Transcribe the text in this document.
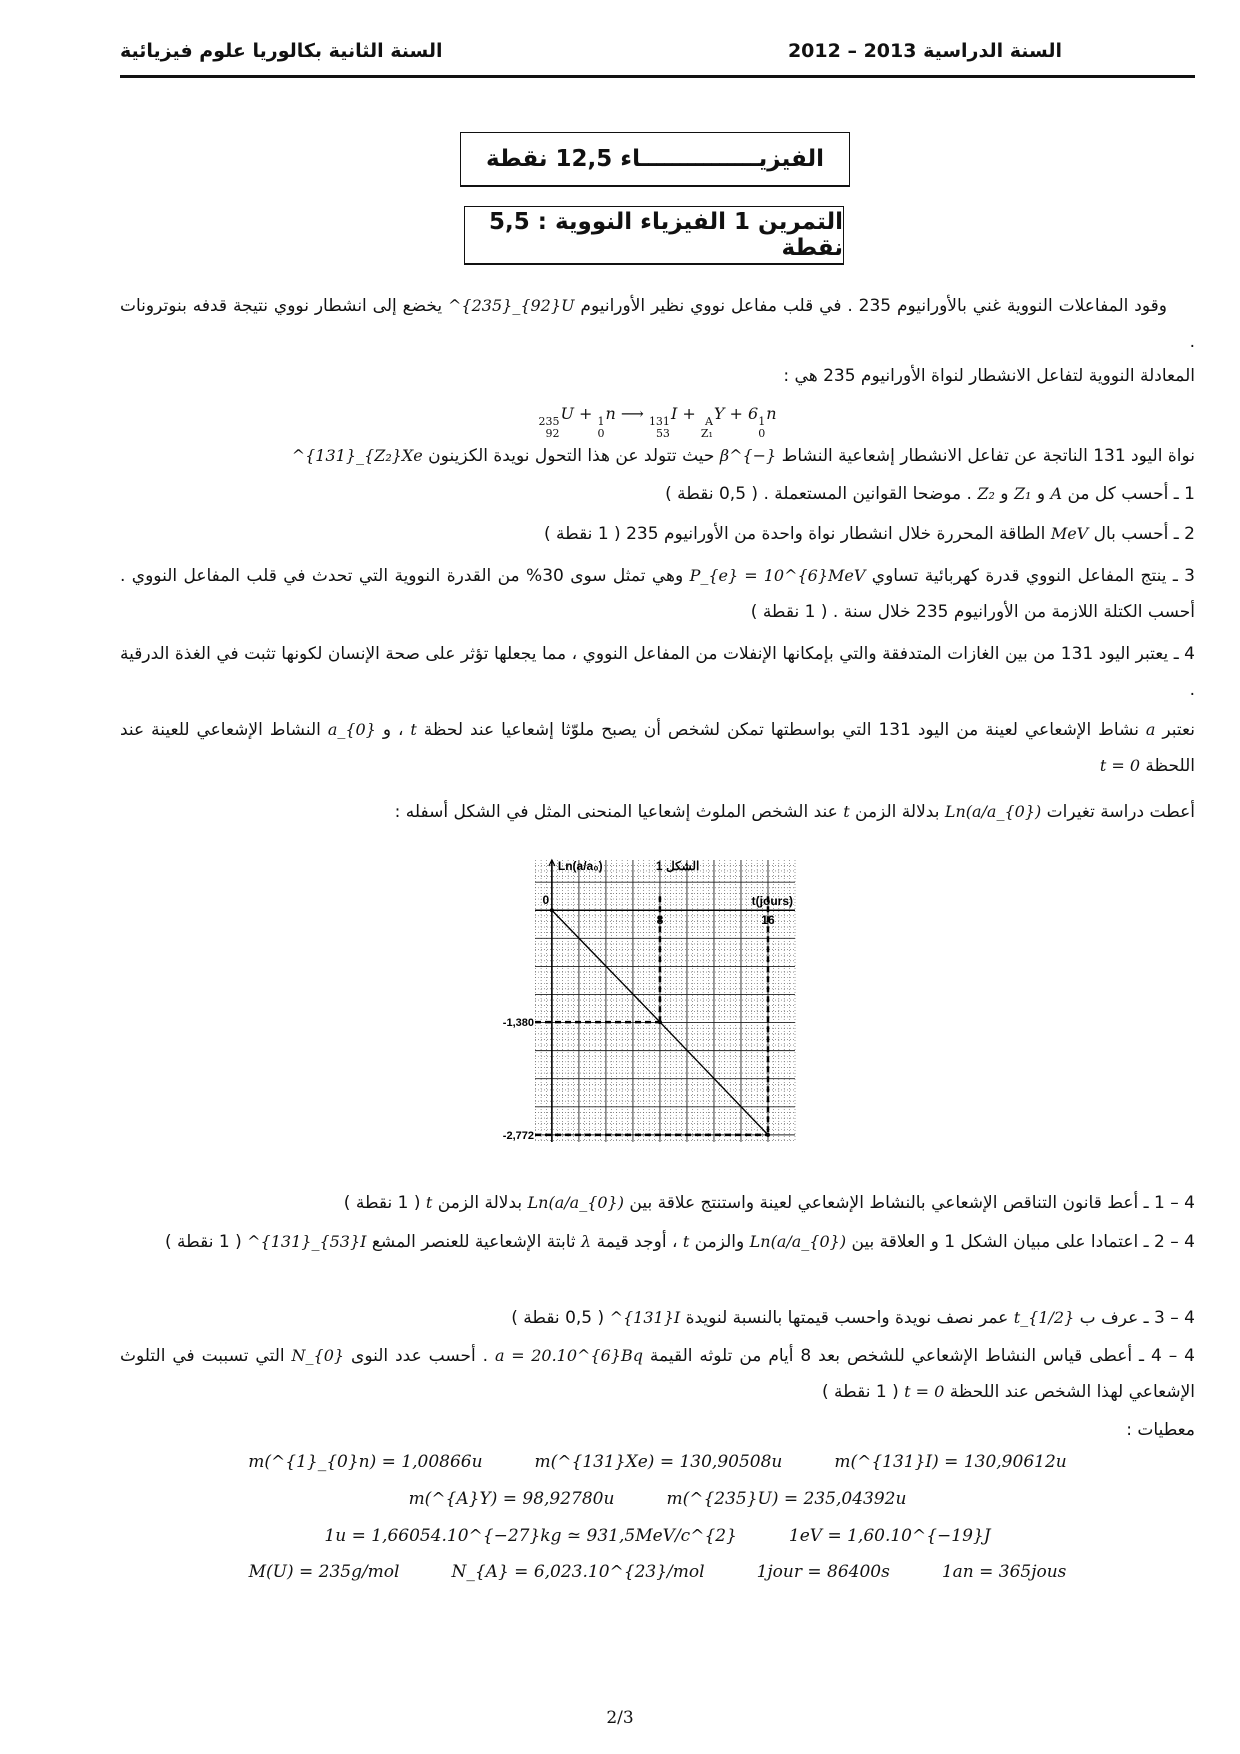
السنة الدراسية 2013 – 2012
السنة الثانية بكالوريا علوم فيزيائية
الفيزيـــــــــــــــاء 12,5 نقطة
التمرين 1 الفيزياء النووية : 5,5 نقطة
وقود المفاعلات النووية غني بالأورانيوم 235 . في قلب مفاعل نووي نظير الأورانيوم ^{235}_{92}U يخضع إلى انشطار نووي نتيجة قدفه بنوترونات .
المعادلة النووية لتفاعل الانشطار لنواة الأورانيوم 235 هي :
235
92
U + 1
0
n ⟶ 131
53
I + A
Z₁
Y + 6 1
0
n
نواة اليود 131 الناتجة عن تفاعل الانشطار إشعاعية النشاط β^{−} حيث تتولد عن هذا التحول نويدة الكزينون ^{131}_{Z₂}Xe
1 ـ أحسب كل من A و Z₁ و Z₂ . موضحا القوانين المستعملة . ( 0,5 نقطة )
2 ـ أحسب بال MeV الطاقة المحررة خلال انشطار نواة واحدة من الأورانيوم 235 ( 1 نقطة )
3 ـ ينتج المفاعل النووي قدرة كهربائية تساوي P_{e} = 10^{6}MeV وهي تمثل سوى 30% من القدرة النووية التي تحدث في قلب المفاعل النووي . أحسب الكتلة اللازمة من الأورانيوم 235 خلال سنة . ( 1 نقطة )
4 ـ يعتبر اليود 131 من بين الغازات المتدفقة والتي بإمكانها الإنفلات من المفاعل النووي ، مما يجعلها تؤثر على صحة الإنسان لكونها تثبت في الغذة الدرقية .
نعتبر a نشاط الإشعاعي لعينة من اليود 131 التي بواسطتها تمكن لشخص أن يصبح ملوّثا إشعاعيا عند لحظة t ، و a_{0} النشاط الإشعاعي للعينة عند اللحظة t = 0
أعطت دراسة تغيرات Ln(a/a_{0}) بدلالة الزمن t عند الشخص الملوث إشعاعيا المنحنى المثل في الشكل أسفله :
4 – 1 ـ أعط قانون التناقص الإشعاعي بالنشاط الإشعاعي لعينة واستنتج علاقة بين Ln(a/a_{0}) بدلالة الزمن t ( 1 نقطة )
4 – 2 ـ اعتمادا على مبيان الشكل 1 و العلاقة بين Ln(a/a_{0}) والزمن t ، أوجد قيمة λ ثابتة الإشعاعية للعنصر المشع ^{131}_{53}I ( 1 نقطة )
4 – 3 ـ عرف ب t_{1/2} عمر نصف نويدة واحسب قيمتها بالنسبة لنويدة ^{131}I ( 0,5 نقطة )
4 – 4 ـ أعطى قياس النشاط الإشعاعي للشخص بعد 8 أيام من تلوثه القيمة a = 20.10^{6}Bq . أحسب عدد النوى N_{0} التي تسببت في التلوث الإشعاعي لهذا الشخص عند اللحظة t = 0 ( 1 نقطة )
معطيات :
Ln(a/a₀)	الشكل 1
t(jours)
0
8	16
-1,380
-2,772
m(^{1}_{0}n) = 1,00866u	m(^{131}Xe) = 130,90508u	m(^{131}I) = 130,90612u
m(^{A}Y) = 98,92780u	m(^{235}U) = 235,04392u
1u = 1,66054.10^{−27}kg ≃ 931,5MeV/c^{2}	1eV = 1,60.10^{−19}J
M(U) = 235g/mol	N_{A} = 6,023.10^{23}/mol	1jour = 86400s	1an = 365jous
2/3
